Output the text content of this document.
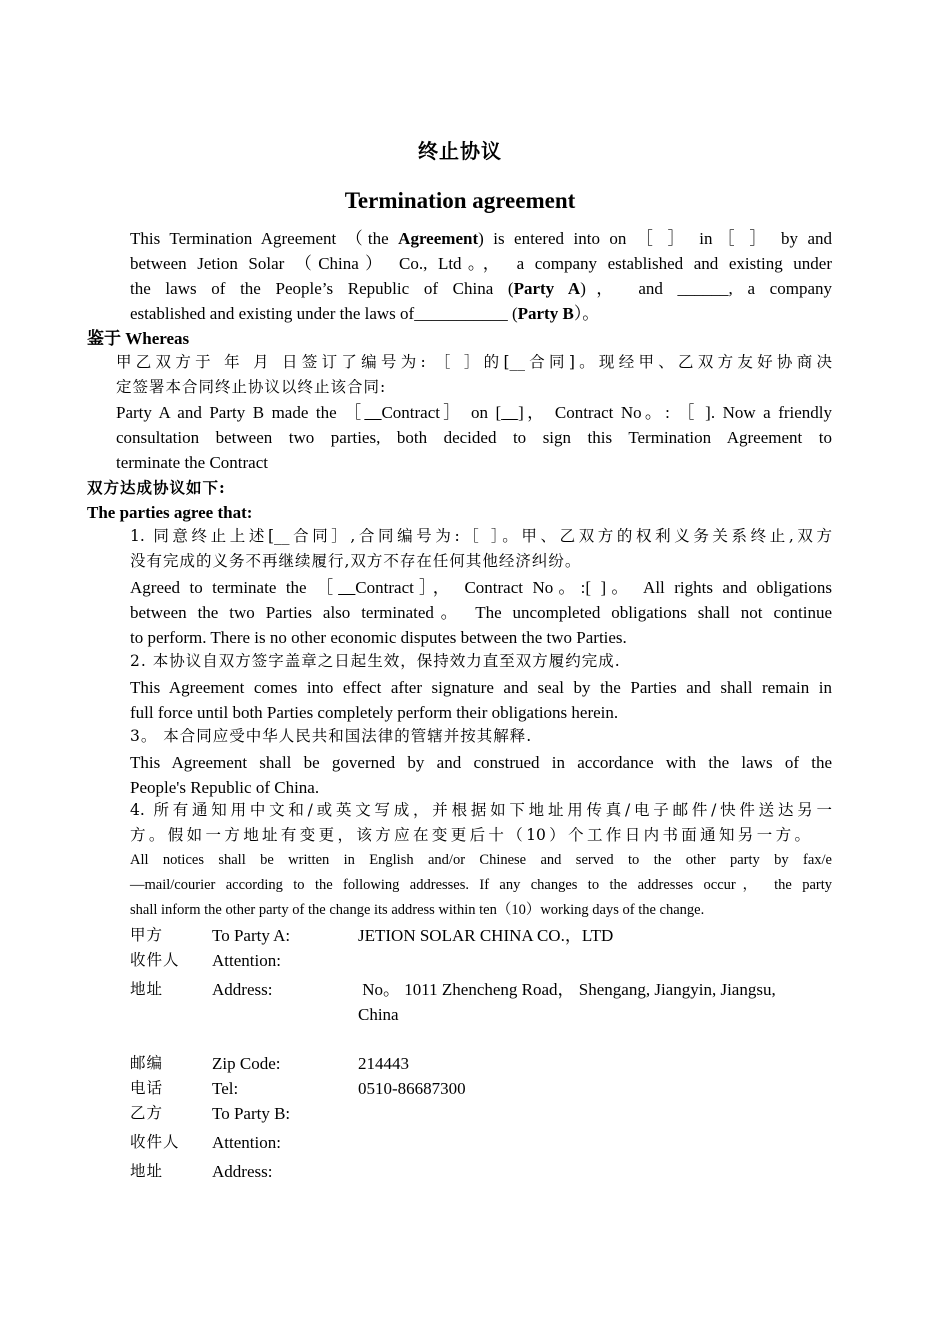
终止协议
Termination agreement
This Termination Agreement （the Agreement) is entered into on ［ ］ in［ ］ by and
between Jetion Solar （China） Co., Ltd。， a company established and existing under
the laws of the People’s Republic of China (Party A)， and ______, a company
established and existing under the laws of___________ (Party B）。
鉴于 Whereas
甲乙双方于 年 月 日签订了编号为: ［ ］的[__合同]。现经甲、乙双方友好协商决
定签署本合同终止协议以终止该合同:
Party A and Party B made the ［__Contract］ on [__]， Contract No。: ［ ]. Now a friendly
consultation between two parties, both decided to sign this Termination Agreement to
terminate the Contract
双方达成协议如下:
The parties agree that:
1. 同意终止上述[__合同］,合同编号为:［ ］。甲、乙双方的权利义务关系终止,双方
没有完成的义务不再继续履行,双方不存在任何其他经济纠纷。
Agreed to terminate the ［__Contract］， Contract No。:[ ]。 All rights and obligations
between the two Parties also terminated。 The uncompleted obligations shall not continue
to perform. There is no other economic disputes between the two Parties.
2. 本协议自双方签字盖章之日起生效，保持效力直至双方履约完成.
This Agreement comes into effect after signature and seal by the Parties and shall remain in
full force until both Parties completely perform their obligations herein.
3。 本合同应受中华人民共和国法律的管辖并按其解释.
This Agreement shall be governed by and construed in accordance with the laws of the
People's Republic of China.
4. 所有通知用中文和/或英文写成，并根据如下地址用传真/电子邮件/快件送达另一
方。假如一方地址有变更，该方应在变更后十（10）个工作日内书面通知另一方。
All notices shall be written in English and/or Chinese and served to the other party by fax/e
—mail/courier according to the following addresses. If any changes to the addresses occur， the party
shall inform the other party of the change its address within ten（10）working days of the change.
甲方	To Party A:	JETION SOLAR CHINA CO.，LTD
收件人 Attention:
地址	Address:	No。 1011 Zhencheng Road， Shengang, Jiangyin, Jiangsu,
China
邮编	Zip Code:	214443
电话	Tel:	0510-86687300
乙方	To Party B:
收件人 Attention:
地址	Address:
